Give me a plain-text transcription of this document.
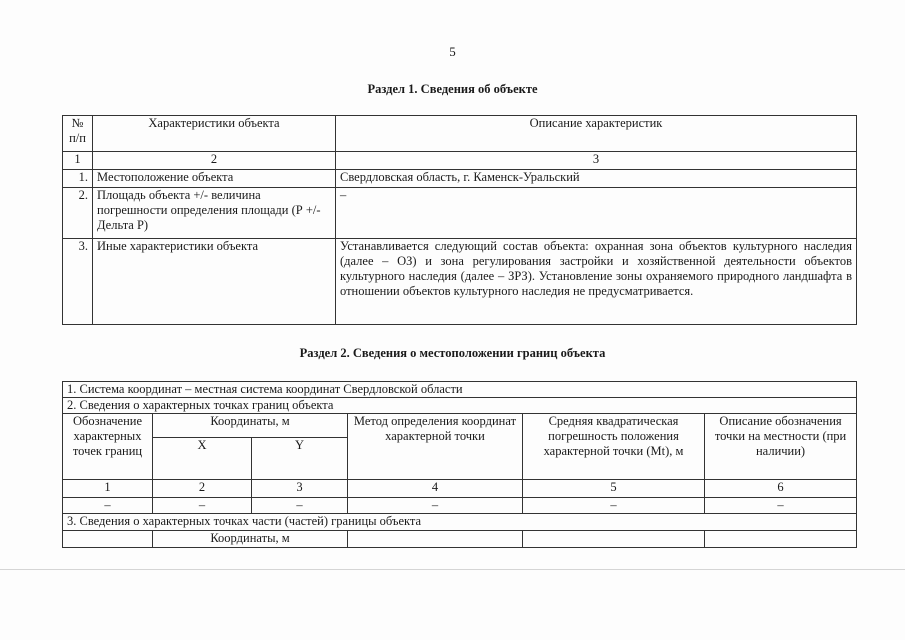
5
Раздел 1. Сведения об объекте
№ п/п	Характеристики объекта	Описание характеристик
1	2	3
1.	Местоположение объекта	Свердловская область, г. Каменск-Уральский
2.	Площадь объекта +/- величина погрешности определения площади (Р +/- Дельта Р)	–
3.	Иные характеристики объекта	Устанавливается следующий состав объекта: охранная зона объектов культурного наследия (далее – ОЗ) и зона регулирования застройки и хозяйственной деятельности объектов культурного наследия (далее – ЗРЗ). Установление зоны охраняемого природного ландшафта в отношении объектов культурного наследия не предусматривается.
Раздел 2. Сведения о местоположении границ объекта
1. Система координат – местная система координат Свердловской области					
2. Сведения о характерных точках границ объекта					
Обозначение характерных точек границ	Координаты, м		Метод определения координат характерной точки	Средняя квадратическая погрешность положения характерной точки (Mt), м	Описание обозначения точки на местности (при наличии)
	X	Y			
1	2	3	4	5	6
–	–	–	–	–	–
3. Сведения о характерных точках части (частей) границы объекта					
	Координаты, м				
